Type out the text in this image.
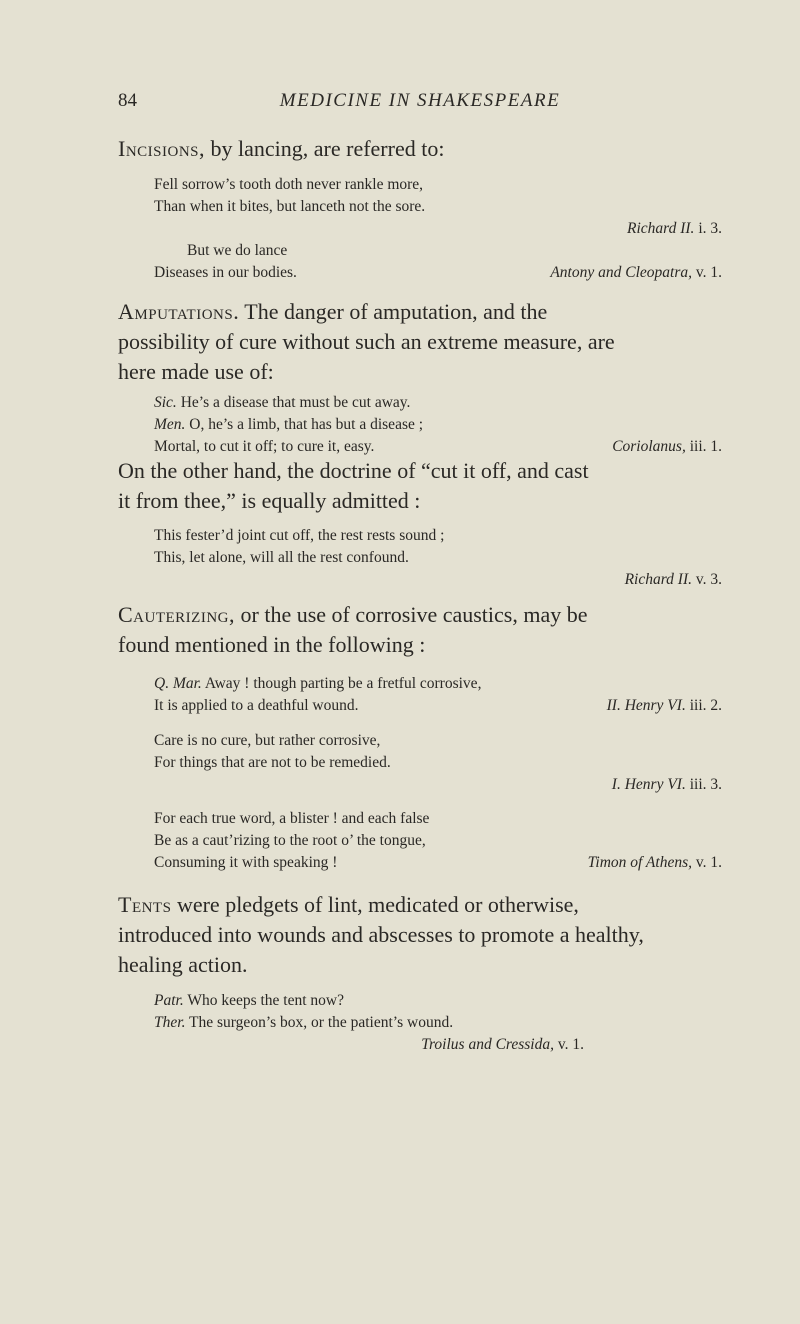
84	MEDICINE IN SHAKESPEARE
Incisions, by lancing, are referred to:
Fell sorrow’s tooth doth never rankle more,
Than when it bites, but lanceth not the sore.
Richard II. i. 3.
But we do lance
Diseases in our bodies.	Antony and Cleopatra, v. 1.
Amputations. The danger of amputation, and the
possibility of cure without such an extreme measure, are
here made use of:
Sic. He’s a disease that must be cut away.
Men. O, he’s a limb, that has but a disease ;
Mortal, to cut it off; to cure it, easy.	Coriolanus, iii. 1.
On the other hand, the doctrine of “cut it off, and cast
it from thee,” is equally admitted :
This fester’d joint cut off, the rest rests sound ;
This, let alone, will all the rest confound.
Richard II. v. 3.
Cauterizing, or the use of corrosive caustics, may be
found mentioned in the following :
Q. Mar. Away ! though parting be a fretful corrosive,
It is applied to a deathful wound.	II. Henry VI. iii. 2.
Care is no cure, but rather corrosive,
For things that are not to be remedied.
I. Henry VI. iii. 3.
For each true word, a blister ! and each false
Be as a caut’rizing to the root o’ the tongue,
Consuming it with speaking !	Timon of Athens, v. 1.
Tents were pledgets of lint, medicated or otherwise,
introduced into wounds and abscesses to promote a healthy,
healing action.
Patr. Who keeps the tent now?
Ther. The surgeon’s box, or the patient’s wound.
Troilus and Cressida, v. 1.
